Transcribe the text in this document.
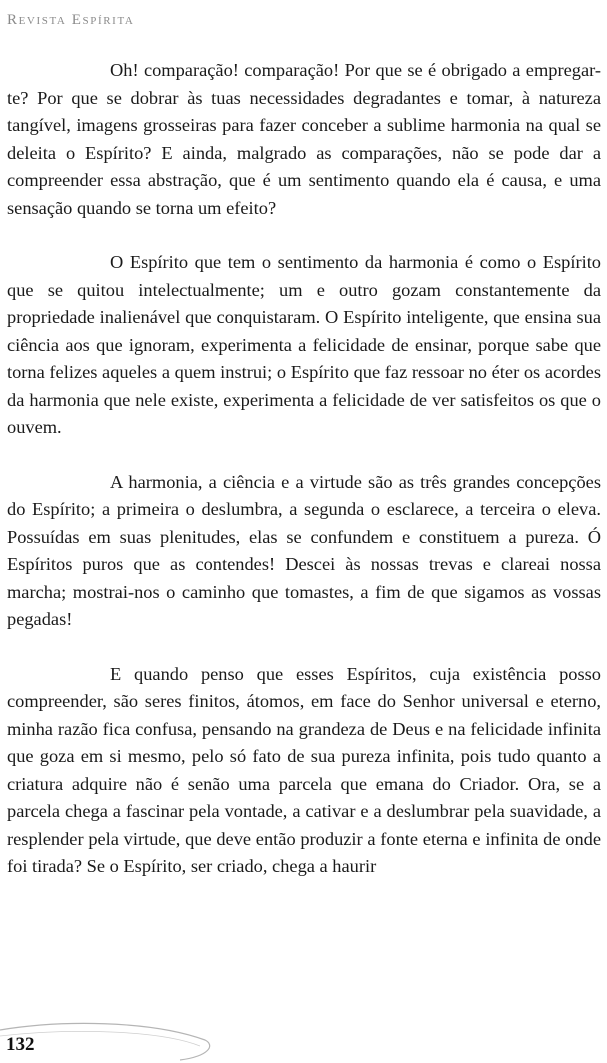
Revista Espírita

Oh! comparação! comparação! Por que se é obrigado a empregar-te? Por que se dobrar às tuas necessidades degradantes e tomar, à natureza tangível, imagens grosseiras para fazer conceber a sublime harmonia na qual se deleita o Espírito? E ainda, malgrado as comparações, não se pode dar a compreender essa abstração, que é um sentimento quando ela é causa, e uma sensação quando se torna um efeito?

O Espírito que tem o sentimento da harmonia é como o Espírito que se quitou intelectualmente; um e outro gozam constantemente da propriedade inalienável que conquistaram. O Espírito inteligente, que ensina sua ciência aos que ignoram, experimenta a felicidade de ensinar, porque sabe que torna felizes aqueles a quem instrui; o Espírito que faz ressoar no éter os acordes da harmonia que nele existe, experimenta a felicidade de ver satisfeitos os que o ouvem.

A harmonia, a ciência e a virtude são as três grandes concepções do Espírito; a primeira o deslumbra, a segunda o esclarece, a terceira o eleva. Possuídas em suas plenitudes, elas se confundem e constituem a pureza. Ó Espíritos puros que as contendes! Descei às nossas trevas e clareai nossa marcha; mostrai-nos o caminho que tomastes, a fim de que sigamos as vossas pegadas!

E quando penso que esses Espíritos, cuja existência posso compreender, são seres finitos, átomos, em face do Senhor universal e eterno, minha razão fica confusa, pensando na grandeza de Deus e na felicidade infinita que goza em si mesmo, pelo só fato de sua pureza infinita, pois tudo quanto a criatura adquire não é senão uma parcela que emana do Criador. Ora, se a parcela chega a fascinar pela vontade, a cativar e a deslumbrar pela suavidade, a resplender pela virtude, que deve então produzir a fonte eterna e infinita de onde foi tirada? Se o Espírito, ser criado, chega a haurir

132
